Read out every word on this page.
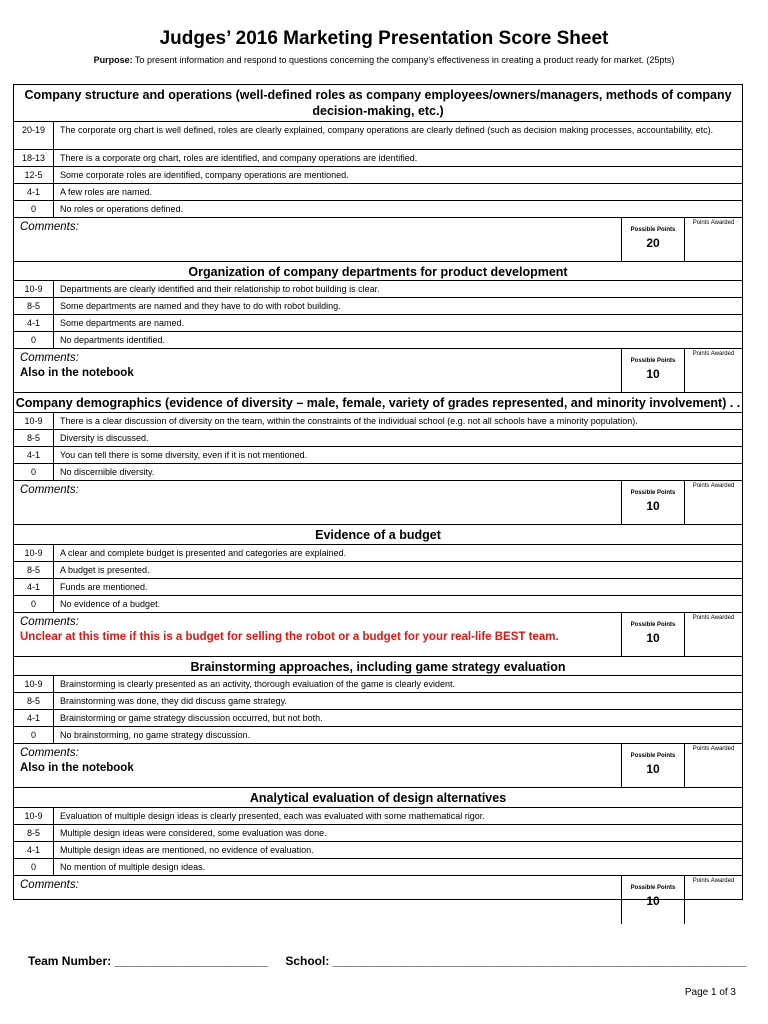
Judges’ 2016 Marketing Presentation Score Sheet
Purpose: To present information and respond to questions concerning the company’s effectiveness in creating a product ready for market. (25pts)
Company structure and operations (well-defined roles as company employees/owners/managers, methods of company decision-making, etc.)
20-19	The corporate org chart is well defined, roles are clearly explained, company operations are clearly defined (such as decision making processes, accountability, etc).
18-13	There is a corporate org chart, roles are identified, and company operations are identified.
12-5	Some corporate roles are identified, company operations are mentioned.
4-1	A few roles are named.
0	No roles or operations defined.
Comments:	Possible Points
20
Points Awarded
Organization of company departments for product development
10-9	Departments are clearly identified and their relationship to robot building is clear.
8-5	Some departments are named and they have to do with robot building.
4-1	Some departments are named.
0	No departments identified.
Comments:
Also in the notebook
Possible Points
10
Points Awarded
Company demographics (evidence of diversity – male, female, variety of grades represented, and minority involvement) . .
10-9	There is a clear discussion of diversity on the team, within the constraints of the individual school (e.g. not all schools have a minority population).
8-5	Diversity is discussed.
4-1	You can tell there is some diversity, even if it is not mentioned.
0	No discernible diversity.
Comments:	Possible Points
10
Points Awarded
Evidence of a budget
10-9	A clear and complete budget is presented and categories are explained.
8-5	A budget is presented.
4-1	Funds are mentioned.
0	No evidence of a budget.
Comments:
Unclear at this time if this is a budget for selling the robot or a budget for your real-life BEST team.
Possible Points
10
Points Awarded
Brainstorming approaches, including game strategy evaluation
10-9	Brainstorming is clearly presented as an activity, thorough evaluation of the game is clearly evident.
8-5	Brainstorming was done, they did discuss game strategy.
4-1	Brainstorming or game strategy discussion occurred, but not both.
0	No brainstorming, no game strategy discussion.
Comments:
Also in the notebook
Possible Points
10
Points Awarded
Analytical evaluation of design alternatives
10-9	Evaluation of multiple design ideas is clearly presented, each was evaluated with some mathematical rigor.
8-5	Multiple design ideas were considered, some evaluation was done.
4-1	Multiple design ideas are mentioned, no evidence of evaluation.
0	No mention of multiple design ideas.
Comments:	Possible Points
10
Points Awarded
Team Number: _______________________ School: ______________________________________________________________
Page 1 of 3
